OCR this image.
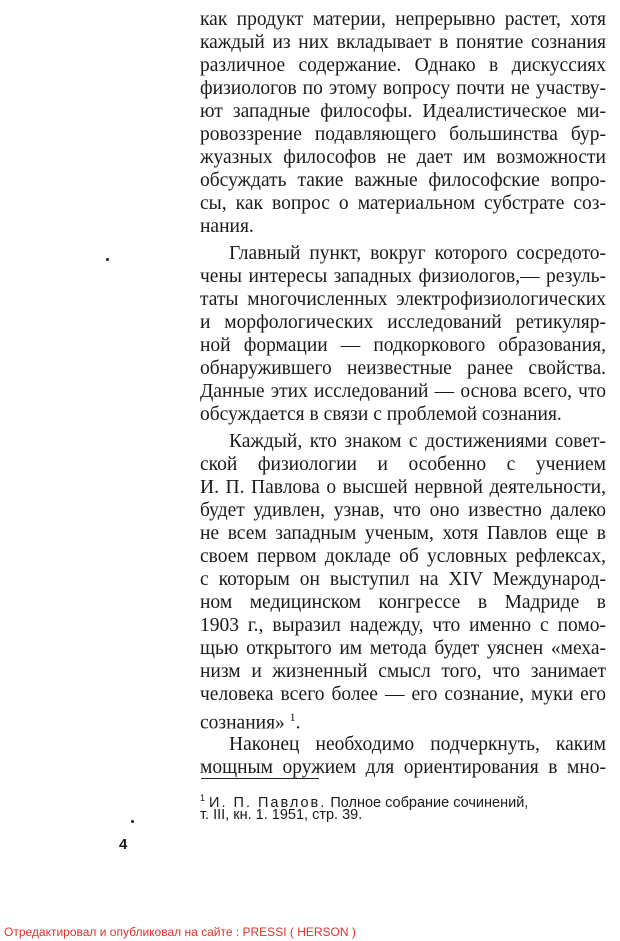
как продукт материи, непрерывно растет, хотя
каждый из них вкладывает в понятие сознания
различное содержание. Однако в дискуссиях
физиологов по этому вопросу почти не участву-
ют западные философы. Идеалистическое ми-
ровоззрение подавляющего большинства бур-
жуазных философов не дает им возможности
обсуждать такие важные философские вопро-
сы, как вопрос о материальном субстрате соз-
нания.
Главный пункт, вокруг которого сосредото-
чены интересы западных физиологов,— резуль-
таты многочисленных электрофизиологических
и морфологических исследований ретикуляр-
ной формации — подкоркового образования,
обнаружившего неизвестные ранее свойства.
Данные этих исследований — основа всего, что
обсуждается в связи с проблемой сознания.
Каждый, кто знаком с достижениями совет-
ской физиологии и особенно с учением
И. П. Павлова о высшей нервной деятельности,
будет удивлен, узнав, что оно известно далеко
не всем западным ученым, хотя Павлов еще в
своем первом докладе об условных рефлексах,
с которым он выступил на XIV Международ-
ном медицинском конгрессе в Мадриде в
1903 г., выразил надежду, что именно с помо-
щью открытого им метода будет уяснен «меха-
низм и жизненный смысл того, что занимает
человека всего более — его сознание, муки его
сознания» $^1$.
Наконец необходимо подчеркнуть, каким
мощным оружием для ориентирования в мно-
$^1$ И. П. Павлов. Полное собрание сочинений,
т. III, кн. 1. 1951, стр. 39.
4
Отредактировал и опубликовал на сайте : PRESSI ( HERSON )
